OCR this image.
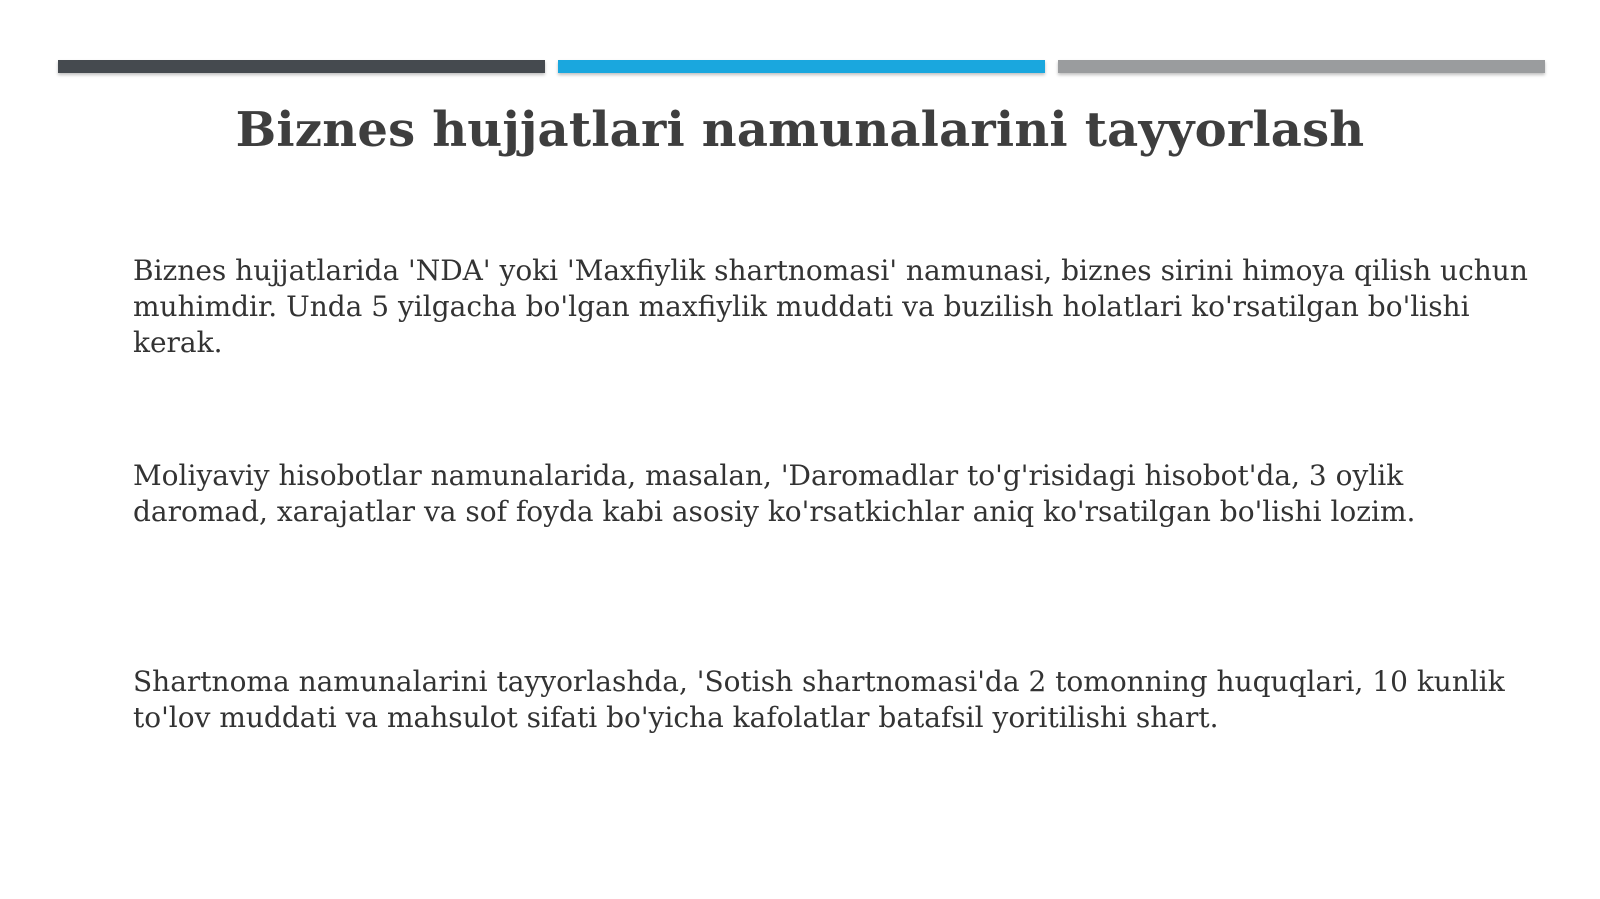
Biznes hujjatlari namunalarini tayyorlash

Biznes hujjatlarida 'NDA' yoki 'Maxfiylik shartnomasi' namunasi, biznes sirini himoya qilish uchun muhimdir. Unda 5 yilgacha bo'lgan maxfiylik muddati va buzilish holatlari ko'rsatilgan bo'lishi kerak.

Moliyaviy hisobotlar namunalarida, masalan, 'Daromadlar to'g'risidagi hisobot'da, 3 oylik daromad, xarajatlar va sof foyda kabi asosiy ko'rsatkichlar aniq ko'rsatilgan bo'lishi lozim.

Shartnoma namunalarini tayyorlashda, 'Sotish shartnomasi'da 2 tomonning huquqlari, 10 kunlik to'lov muddati va mahsulot sifati bo'yicha kafolatlar batafsil yoritilishi shart.
